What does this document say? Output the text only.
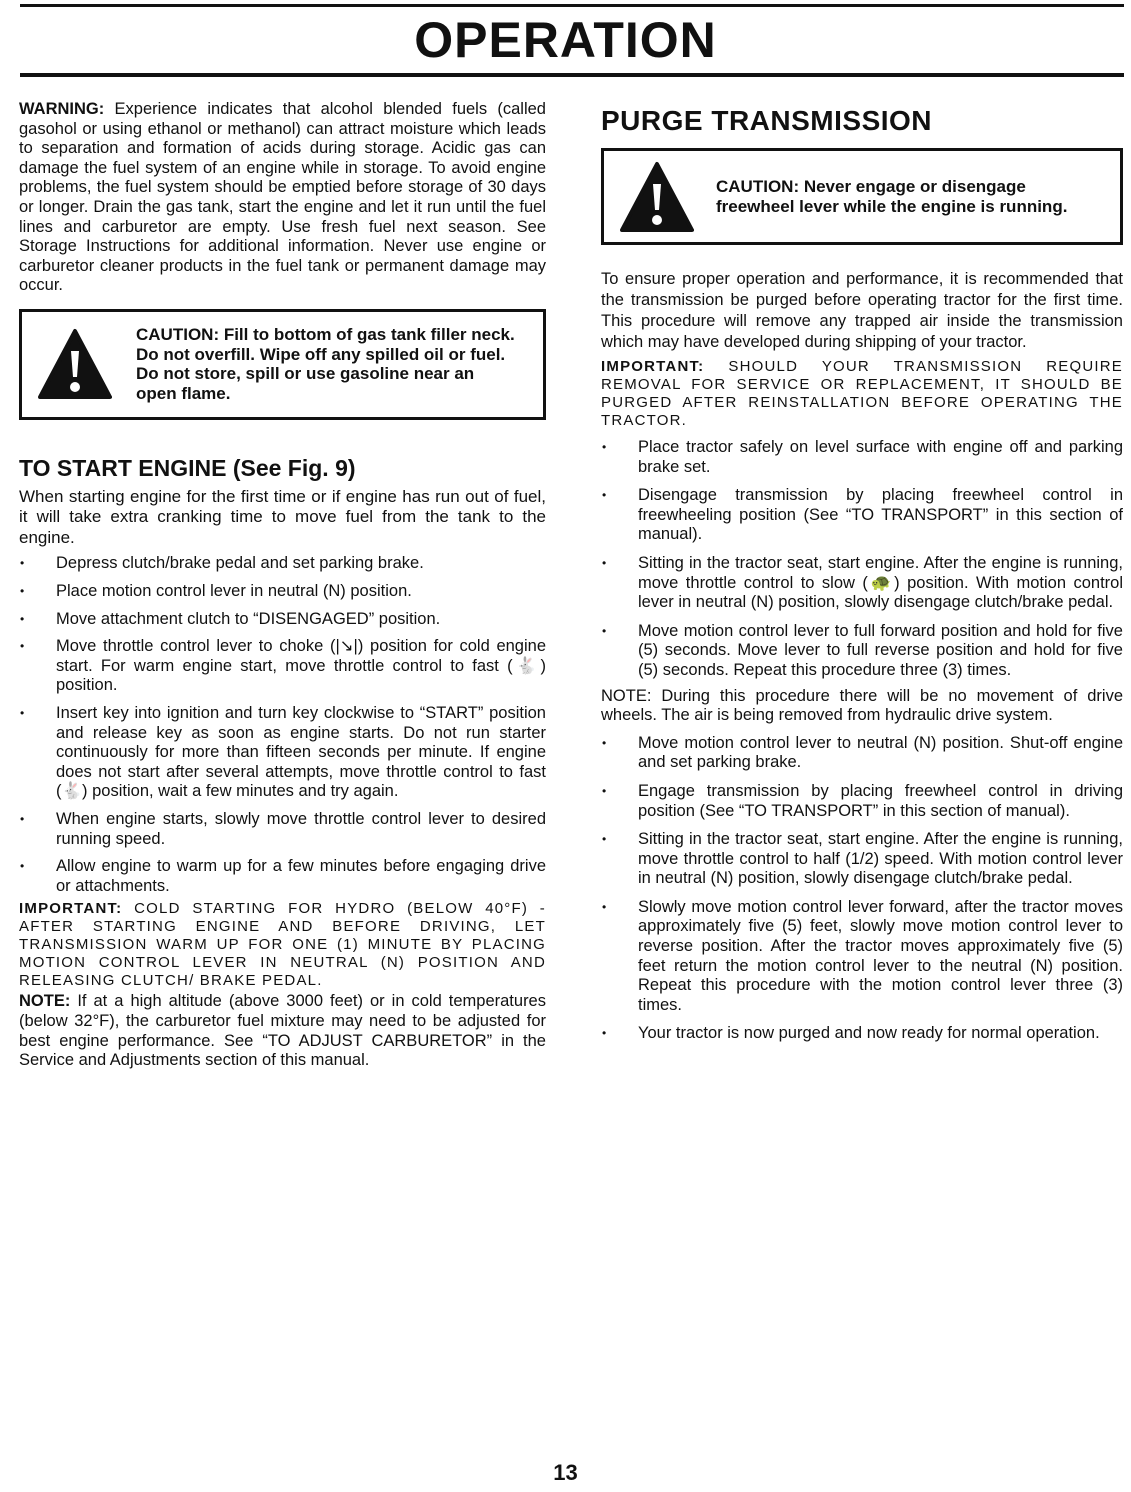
OPERATION

WARNING: Experience indicates that alcohol blended fuels (called gasohol or using ethanol or methanol) can attract moisture which leads to separation and formation of acids during storage. Acidic gas can damage the fuel system of an engine while in storage. To avoid engine problems, the fuel system should be emptied before storage of 30 days or longer. Drain the gas tank, start the engine and let it run until the fuel lines and carburetor are empty. Use fresh fuel next season. See Storage Instructions for additional information. Never use engine or carburetor cleaner products in the fuel tank or permanent damage may occur.

CAUTION: Fill to bottom of gas tank filler neck. Do not overfill. Wipe off any spilled oil or fuel. Do not store, spill or use gasoline near an open flame.

TO START ENGINE (See Fig. 9)

When starting engine for the first time or if engine has run out of fuel, it will take extra cranking time to move fuel from the tank to the engine.

• Depress clutch/brake pedal and set parking brake.
• Place motion control lever in neutral (N) position.
• Move attachment clutch to “DISENGAGED” position.
• Move throttle control lever to choke (|↘|) position for cold engine start. For warm engine start, move throttle control to fast (🐇) position.
• Insert key into ignition and turn key clockwise to “START” position and release key as soon as engine starts. Do not run starter continuously for more than fifteen seconds per minute. If engine does not start after several attempts, move throttle control to fast (🐇) position, wait a few minutes and try again.
• When engine starts, slowly move throttle control lever to desired running speed.
• Allow engine to warm up for a few minutes before engaging drive or attachments.

IMPORTANT: COLD STARTING FOR HYDRO (BELOW 40°F) - AFTER STARTING ENGINE AND BEFORE DRIVING, LET TRANSMISSION WARM UP FOR ONE (1) MINUTE BY PLACING MOTION CONTROL LEVER IN NEUTRAL (N) POSITION AND RELEASING CLUTCH/ BRAKE PEDAL.

NOTE: If at a high altitude (above 3000 feet) or in cold temperatures (below 32°F), the carburetor fuel mixture may need to be adjusted for best engine performance. See “TO ADJUST CARBURETOR” in the Service and Adjustments section of this manual.

PURGE TRANSMISSION

CAUTION: Never engage or disengage freewheel lever while the engine is running.

To ensure proper operation and performance, it is recommended that the transmission be purged before operating tractor for the first time. This procedure will remove any trapped air inside the transmission which may have developed during shipping of your tractor.

IMPORTANT: SHOULD YOUR TRANSMISSION REQUIRE REMOVAL FOR SERVICE OR REPLACEMENT, IT SHOULD BE PURGED AFTER REINSTALLATION BEFORE OPERATING THE TRACTOR.

• Place tractor safely on level surface with engine off and parking brake set.
• Disengage transmission by placing freewheel control in freewheeling position (See “TO TRANSPORT” in this section of manual).
• Sitting in the tractor seat, start engine. After the engine is running, move throttle control to slow (🐢) position. With motion control lever in neutral (N) position, slowly disengage clutch/brake pedal.
• Move motion control lever to full forward position and hold for five (5) seconds. Move lever to full reverse position and hold for five (5) seconds. Repeat this procedure three (3) times.

NOTE: During this procedure there will be no movement of drive wheels. The air is being removed from hydraulic drive system.

• Move motion control lever to neutral (N) position. Shut-off engine and set parking brake.
• Engage transmission by placing freewheel control in driving position (See “TO TRANSPORT” in this section of manual).
• Sitting in the tractor seat, start engine. After the engine is running, move throttle control to half (1/2) speed. With motion control lever in neutral (N) position, slowly disengage clutch/brake pedal.
• Slowly move motion control lever forward, after the tractor moves approximately five (5) feet, slowly move motion control lever to reverse position. After the tractor moves approximately five (5) feet return the motion control lever to the neutral (N) position. Repeat this procedure with the motion control lever three (3) times.
• Your tractor is now purged and now ready for normal operation.
13
